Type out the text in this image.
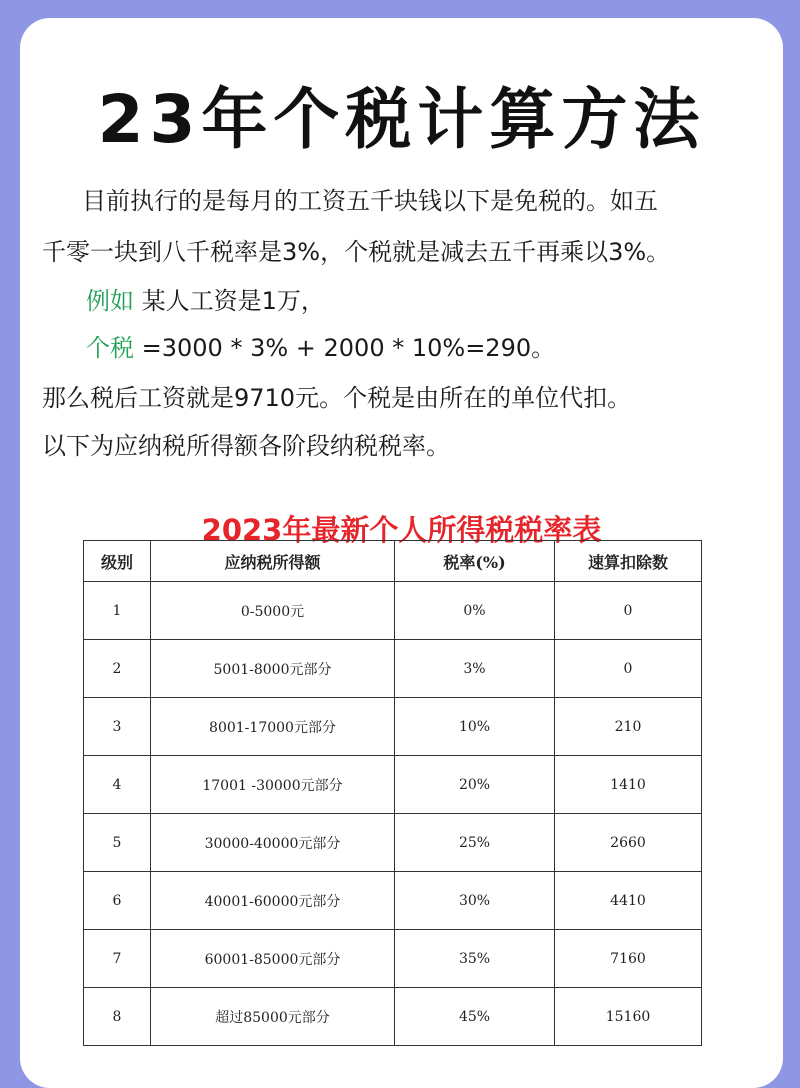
23年个税计算方法
目前执行的是每月的工资五千块钱以下是免税的。如五
千零一块到八千税率是3%，个税就是减去五千再乘以3%。
例如 某人工资是1万，
个税 =3000 * 3% + 2000 * 10%=290。
那么税后工资就是9710元。个税是由所在的单位代扣。
以下为应纳税所得额各阶段纳税税率。
2023年最新个人所得税税率表
级别	应纳税所得额	税率(%)	速算扣除数
1	0-5000元	0%	0
2	5001-8000元部分	3%	0
3	8001-17000元部分	10%	210
4	17001 -30000元部分	20%	1410
5	30000-40000元部分	25%	2660
6	40001-60000元部分	30%	4410
7	60001-85000元部分	35%	7160
8	超过85000元部分	45%	15160
